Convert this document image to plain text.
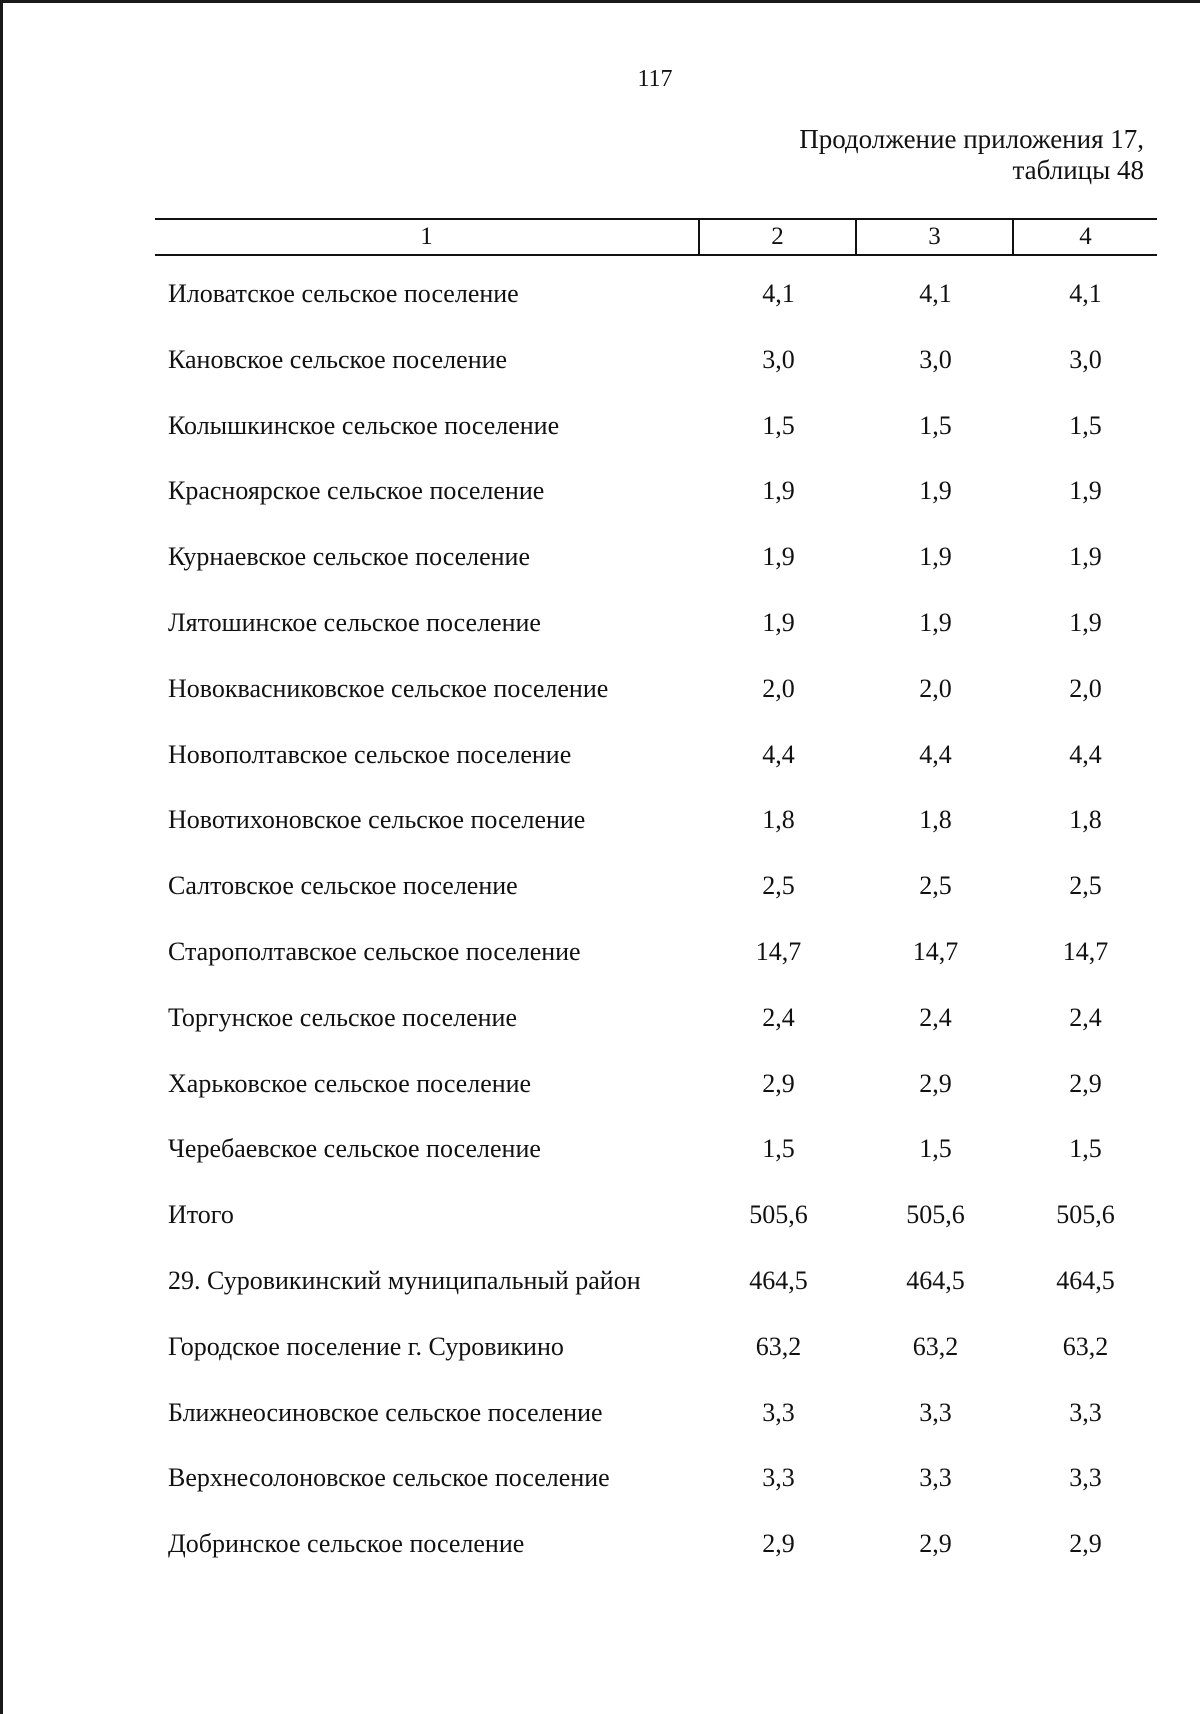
117
Продолжение приложения 17,
таблицы 48
1	2	3	4
Иловатское сельское поселение	4,1	4,1	4,1
Кановское сельское поселение	3,0	3,0	3,0
Колышкинское сельское поселение	1,5	1,5	1,5
Красноярское сельское поселение	1,9	1,9	1,9
Курнаевское сельское поселение	1,9	1,9	1,9
Лятошинское сельское поселение	1,9	1,9	1,9
Новоквасниковское сельское поселение	2,0	2,0	2,0
Новополтавское сельское поселение	4,4	4,4	4,4
Новотихоновское сельское поселение	1,8	1,8	1,8
Салтовское сельское поселение	2,5	2,5	2,5
Старополтавское сельское поселение	14,7	14,7	14,7
Торгунское сельское поселение	2,4	2,4	2,4
Харьковское сельское поселение	2,9	2,9	2,9
Черебаевское сельское поселение	1,5	1,5	1,5
Итого	505,6	505,6	505,6
29. Суровикинский муниципальный район	464,5	464,5	464,5
Городское поселение г. Суровикино	63,2	63,2	63,2
Ближнеосиновское сельское поселение	3,3	3,3	3,3
Верхнесолоновское сельское поселение	3,3	3,3	3,3
Добринское сельское поселение	2,9	2,9	2,9
